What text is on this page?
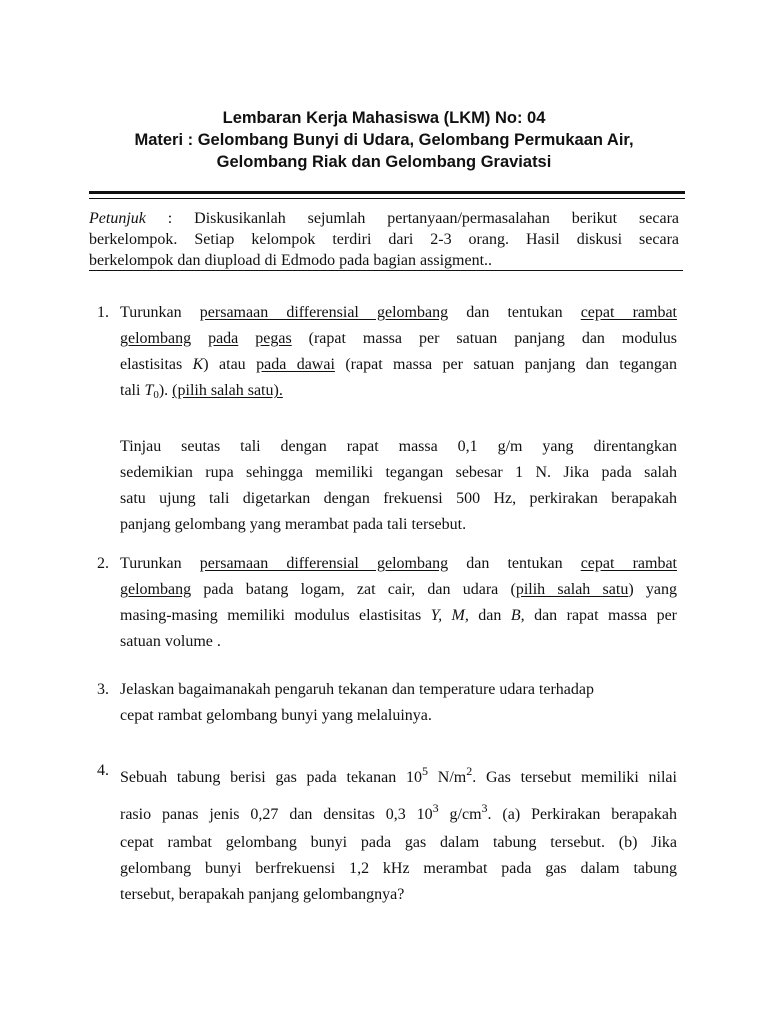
Lembaran Kerja Mahasiswa (LKM) No: 04
Materi : Gelombang Bunyi di Udara, Gelombang Permukaan Air,
Gelombang Riak dan Gelombang Graviatsi
Petunjuk : Diskusikanlah sejumlah pertanyaan/permasalahan berikut secara
berkelompok. Setiap kelompok terdiri dari 2-3 orang. Hasil diskusi secara
berkelompok dan diupload di Edmodo pada bagian assigment..
1. Turunkan persamaan differensial gelombang dan tentukan cepat rambat
gelombang pada pegas (rapat massa per satuan panjang dan modulus
elastisitas K) atau pada dawai (rapat massa per satuan panjang dan tegangan
tali $T_0$). (pilih salah satu).
Tinjau seutas tali dengan rapat massa 0,1 g/m yang direntangkan
sedemikian rupa sehingga memiliki tegangan sebesar 1 N. Jika pada salah
satu ujung tali digetarkan dengan frekuensi 500 Hz, perkirakan berapakah
panjang gelombang yang merambat pada tali tersebut.
2. Turunkan persamaan differensial gelombang dan tentukan cepat rambat
gelombang pada batang logam, zat cair, dan udara (pilih salah satu) yang
masing-masing memiliki modulus elastisitas Y, M, dan B, dan rapat massa per
satuan volume .
3. Jelaskan bagaimanakah pengaruh tekanan dan temperature udara terhadap
cepat rambat gelombang bunyi yang melaluinya.
4. Sebuah tabung berisi gas pada tekanan $10^5$ $N/m^2$. Gas tersebut memiliki nilai
rasio panas jenis 0,27 dan densitas 0,3 $10^3$ $g/cm^3$. (a) Perkirakan berapakah
cepat rambat gelombang bunyi pada gas dalam tabung tersebut. (b) Jika
gelombang bunyi berfrekuensi 1,2 kHz merambat pada gas dalam tabung
tersebut, berapakah panjang gelombangnya?
